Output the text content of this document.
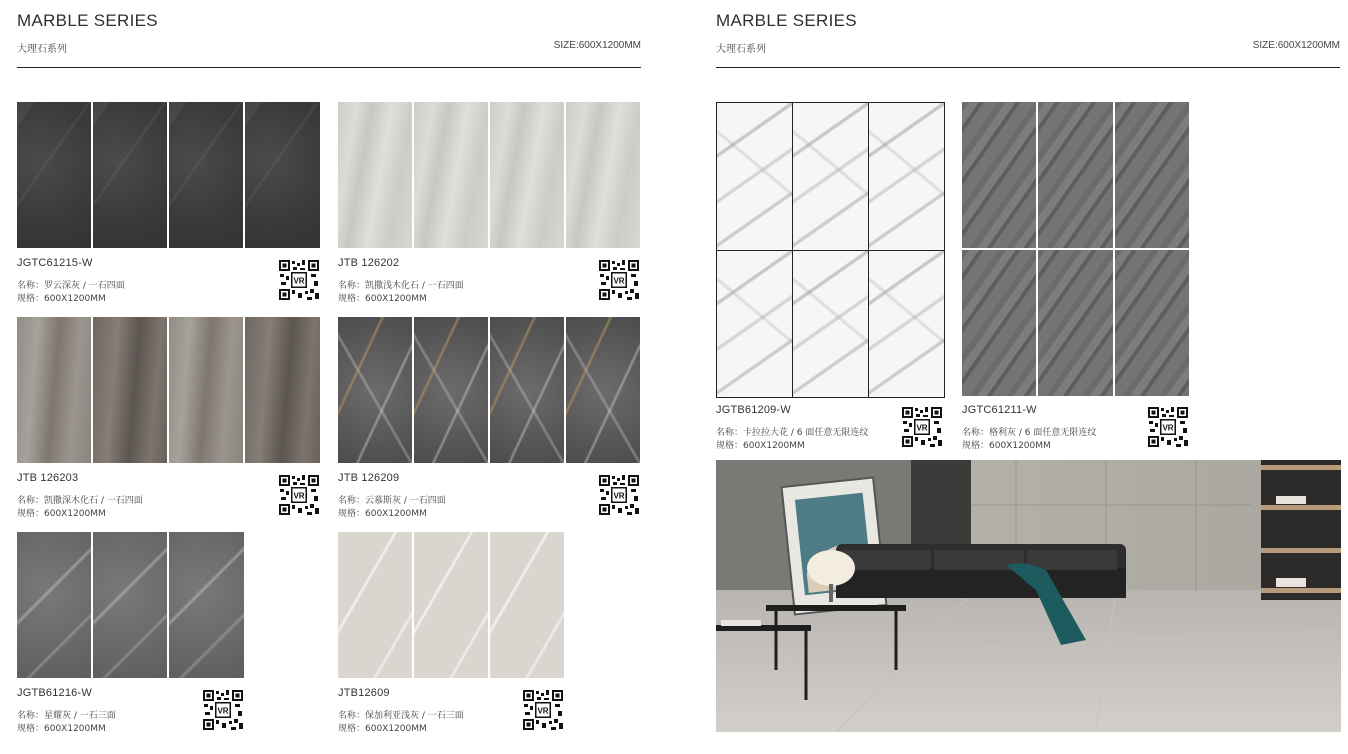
MARBLE SERIES
大理石系列	SIZE:600X1200MM
JGTC61215-W
名称：罗云深灰 / 一石四面
规格：600X1200MM
JTB 126202
名称：凯撒浅木化石 / 一石四面
规格：600X1200MM
JTB 126203
名称：凯撒深木化石 / 一石四面
规格：600X1200MM
JTB 126209
名称：云慕斯灰 / 一石四面
规格：600X1200MM
JGTB61216-W
名称：星耀灰 / 一石三面
规格：600X1200MM
JTB12609
名称：保加利亚浅灰 / 一石三面
规格：600X1200MM
MARBLE SERIES
大理石系列	SIZE:600X1200MM
JGTB61209-W
名称：卡拉拉大花 / 6 面任意无限连纹
规格：600X1200MM
JGTC61211-W
名称：格利灰 / 6 面任意无限连纹
规格：600X1200MM
